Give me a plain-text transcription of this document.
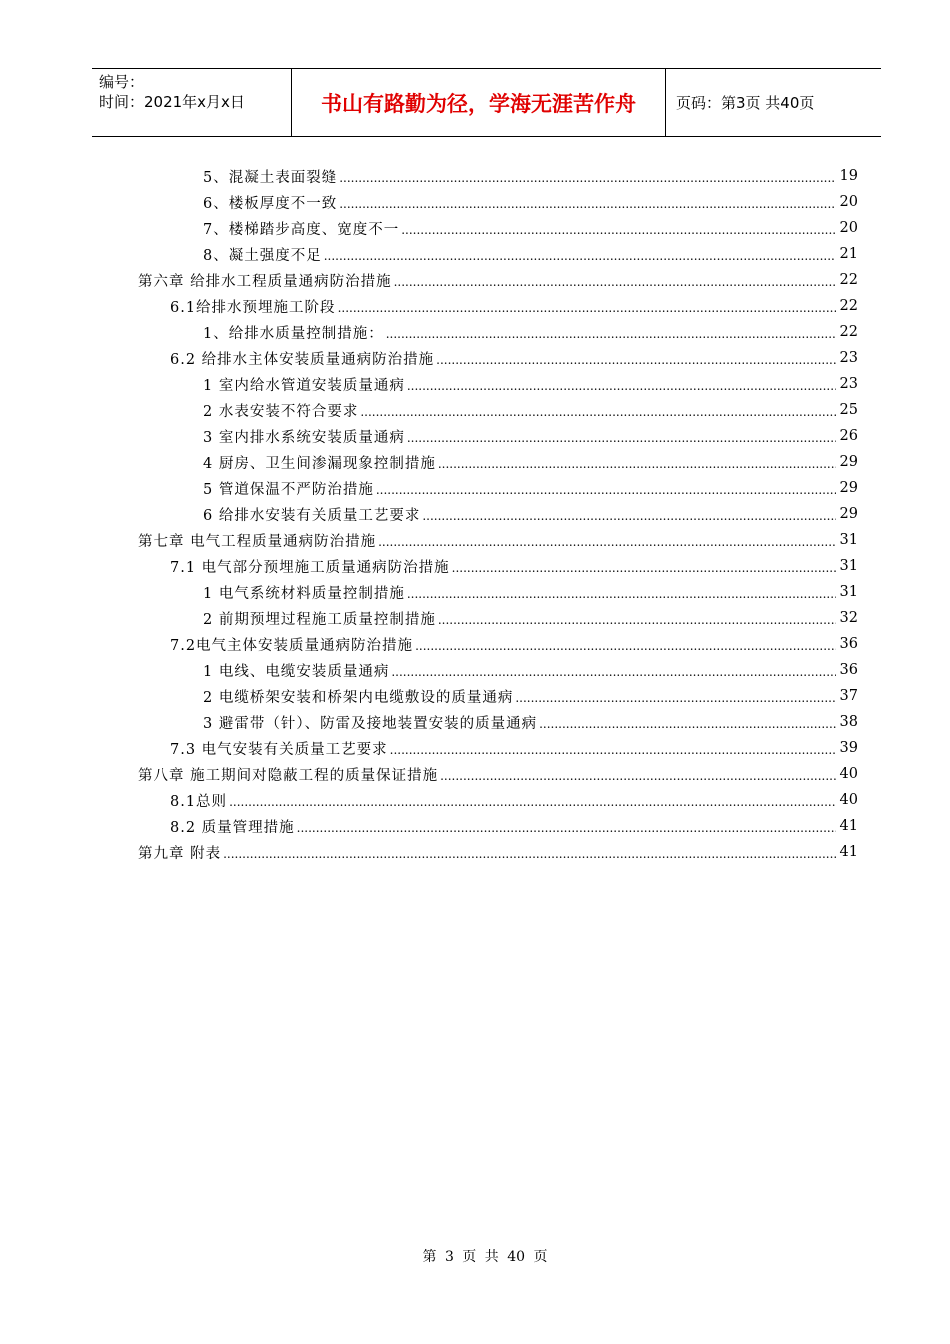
编号：
时间：2021年x月x日	书山有路勤为径，学海无涯苦作舟	页码：第3页 共40页
5、混凝土表面裂缝 .....	19
6、楼板厚度不一致 .....	20
7、楼梯踏步高度、宽度不一 .....	20
8、凝土强度不足 .....	21
第六章 给排水工程质量通病防治措施 .....	22
6.1给排水预埋施工阶段 .....	22
1、给排水质量控制措施： .....	22
6.2 给排水主体安装质量通病防治措施 .....	23
1 室内给水管道安装质量通病 .....	23
2 水表安装不符合要求 .....	25
3 室内排水系统安装质量通病 .....	26
4 厨房、卫生间渗漏现象控制措施 .....	29
5 管道保温不严防治措施 .....	29
6 给排水安装有关质量工艺要求 .....	29
第七章 电气工程质量通病防治措施 .....	31
7.1 电气部分预埋施工质量通病防治措施 .....	31
1 电气系统材料质量控制措施 .....	31
2 前期预埋过程施工质量控制措施 .....	32
7.2电气主体安装质量通病防治措施 .....	36
1 电线、电缆安装质量通病 .....	36
2 电缆桥架安装和桥架内电缆敷设的质量通病 .....	37
3 避雷带（针）、防雷及接地装置安装的质量通病 .....	38
7.3 电气安装有关质量工艺要求 .....	39
第八章 施工期间对隐蔽工程的质量保证措施 .....	40
8.1总则 .....	40
8.2 质量管理措施 .....	41
第九章 附表 .....	41
第 3 页 共 40 页
